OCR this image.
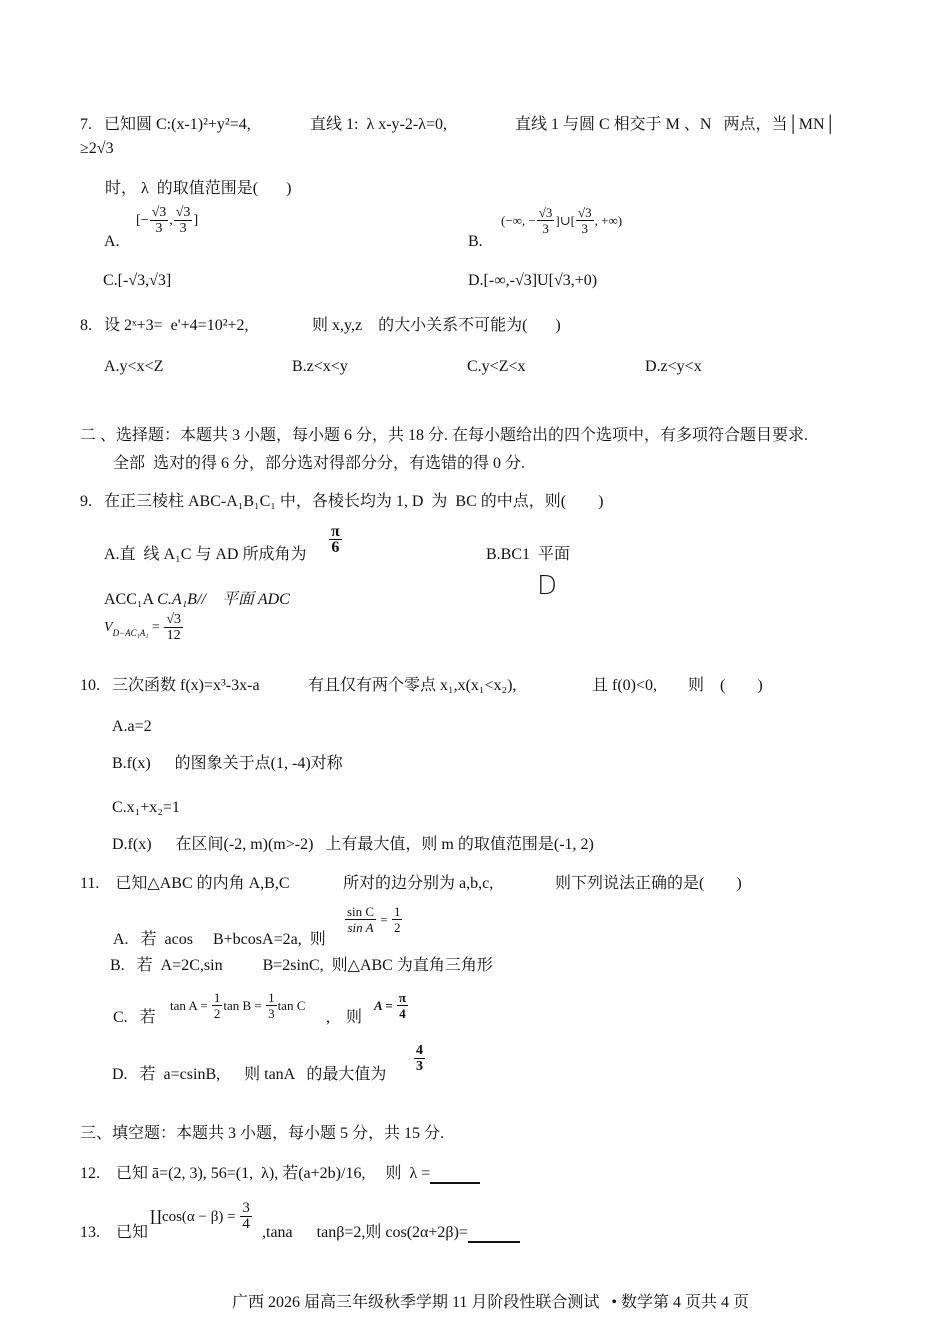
7.   已知圆 C:(x-1)²+y²=4,	直线 1:  λ x-y-2-λ=0,	直线 1 与圆 C 相交于 M 、N   两点，当│MN│
≥2√3
时， λ  的取值范围是(       )
A.
[− $\frac{√3}{3}$ , $\frac{√3}{3}$ ]
B.
(−∞, − $\frac{√3}{3}$ ]∪[ $\frac{√3}{3}$ , +∞)
C.[-√3,√3]	D.[-∞,-√3]U[√3,+0)
8.   设 2ˣ+3=  e'+4=10²+2,	则 x,y,z    的大小关系不可能为(       )
A.y<x<Z	B.z<x<y	C.y<Z<x	D.z<y<x
二 、选择题：本题共 3 小题，每小题 6 分，共 18 分. 在每小题给出的四个选项中，有多项符合题目要求.
全部  选对的得 6 分，部分选对得部分分，有选错的得 0 分.
9.   在正三棱柱 ABC-A₁B₁C₁ 中，各棱长均为 1, D  为  BC 的中点，则(        )
A.直  线 A₁C 与 AD 所成角为 $\frac{\pi}{6}$	B.BC1  平面
D
ACC₁A C.A₁B//    平面 ADC
V $D-AC_1A_1 = \frac{√3}{12}$
10.   三次函数 f(x)=x³-3x-a	有且仅有两个零点 x₁,x(x₁<x₂),	且 f(0)<0, 则    (        )
A.a=2
B.f(x)      的图象关于点(1, -4)对称
C.x₁+x₂=1
D.f(x)      在区间(-2, m)(m>-2)   上有最大值，则 m 的取值范围是(-1, 2)
11.    已知△ABC 的内角 A,B,C	所对的边分别为 a,b,c,	则下列说法正确的是(        )
A.   若  acos     B+bcosA=2a,  则
$\frac{\text{sin C}}{\text{sin A}} = \frac{1}{2}$
B.   若  A=2C,sin          B=2sinC,  则△ABC 为直角三角形
C.   若
$\tan A = \frac{1}{2}$ $\tan B = \frac{1}{3}$ tan C
,    则
$A = \frac{\pi}{4}$
D.   若  a=csinB,      则 tanA   的最大值为
$\frac{4}{3}$
三、填空题：本题共 3 小题，每小题 5 分，共 15 分.
12.    已知 ā=(2, 3), 56=(1,  λ), 若(a+2b)/16,     则  λ =
13.    已知
∐cos(α − $\beta) = \frac{3}{4}$
,tana      tanβ=2,则 cos(2α+2β)=
广西 2026 届高三年级秋季学期 11 月阶段性联合测试   • 数学第 4 页共 4 页
